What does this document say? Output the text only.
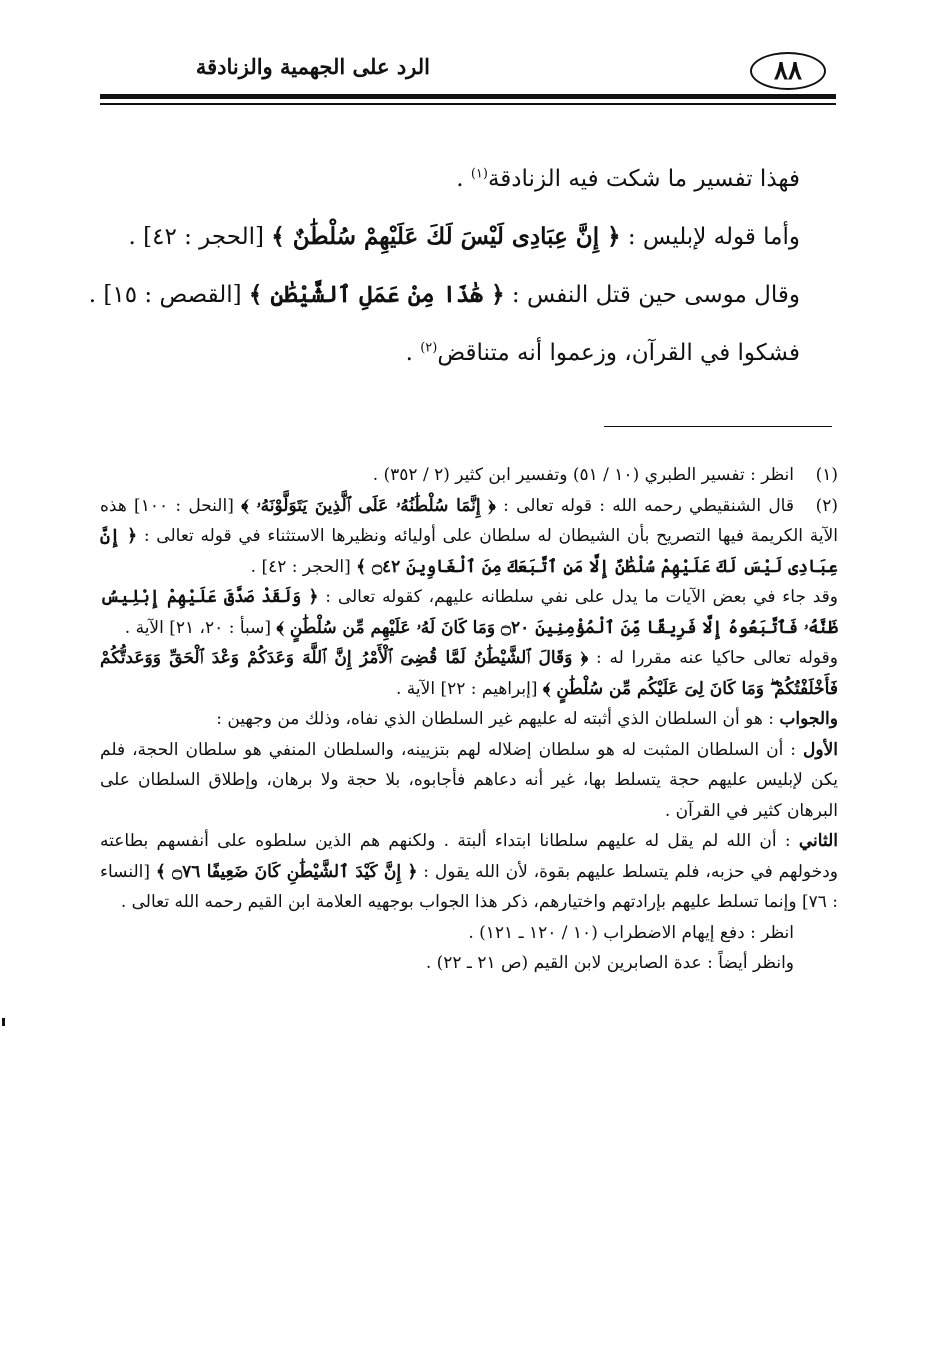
٨٨
الرد على الجهمية والزنادقة

فهذا تفسير ما شكت فيه الزنادقة$^{(١)}$ .

وأما قوله لإبليس : ﴿ إِنَّ عِبَادِى لَيْسَ لَكَ عَلَيْهِمْ سُلْطَٰنٌ ﴾ [الحجر : ٤٢] .

وقال موسى حين قتل النفس : ﴿ هَٰذَا مِنْ عَمَلِ ٱلشَّيْطَٰنِ ﴾ [القصص : ١٥] .

فشكوا في القرآن، وزعموا أنه متناقض$^{(٢)}$ .

(١)انظر : تفسير الطبري (١٠ / ٥١) وتفسير ابن كثير (٢ / ٣٥٢) .

(٢)قال الشنقيطي رحمه الله : قوله تعالى : ﴿ إِنَّمَا سُلْطَٰنُهُۥ عَلَى ٱلَّذِينَ يَتَوَلَّوْنَهُۥ ﴾ [النحل : ١٠٠] هذه الآية الكريمة فيها التصريح بأن الشيطان له سلطان على أوليائه ونظيرها الاستثناء في قوله تعالى : ﴿ إِنَّ عِبَادِى لَيْسَ لَكَ عَلَيْهِمْ سُلْطَٰنٌ إِلَّا مَنِ ٱتَّبَعَكَ مِنَ ٱلْغَاوِينَ ۝٤٢ ﴾ [الحجر : ٤٢] .

وقد جاء في بعض الآيات ما يدل على نفي سلطانه عليهم، كقوله تعالى : ﴿ وَلَقَدْ صَدَّقَ عَلَيْهِمْ إِبْلِيسُ ظَنَّهُۥ فَٱتَّبَعُوهُ إِلَّا فَرِيقًا مِّنَ ٱلْمُؤْمِنِينَ ۝٢٠ وَمَا كَانَ لَهُۥ عَلَيْهِم مِّن سُلْطَٰنٍ ﴾ [سبأ : ٢٠، ٢١] الآية .

وقوله تعالى حاكيا عنه مقررا له : ﴿ وَقَالَ ٱلشَّيْطَٰنُ لَمَّا قُضِىَ ٱلْأَمْرُ إِنَّ ٱللَّهَ وَعَدَكُمْ وَعْدَ ٱلْحَقِّ وَوَعَدتُّكُمْ فَأَخْلَفْتُكُمْ ۖ وَمَا كَانَ لِىَ عَلَيْكُم مِّن سُلْطَٰنٍ ﴾ [إبراهيم : ٢٢] الآية .

والجواب : هو أن السلطان الذي أثبته له عليهم غير السلطان الذي نفاه، وذلك من وجهين :

الأول : أن السلطان المثبت له هو سلطان إضلاله لهم بتزيينه، والسلطان المنفي هو سلطان الحجة، فلم يكن لإبليس عليهم حجة يتسلط بها، غير أنه دعاهم فأجابوه، بلا حجة ولا برهان، وإطلاق السلطان على البرهان كثير في القرآن .

الثاني : أن الله لم يقل له عليهم سلطانا ابتداء ألبتة . ولكنهم هم الذين سلطوه على أنفسهم بطاعته ودخولهم في حزبه، فلم يتسلط عليهم بقوة، لأن الله يقول : ﴿ إِنَّ كَيْدَ ٱلشَّيْطَٰنِ كَانَ ضَعِيفًا ۝٧٦ ﴾ [النساء : ٧٦] وإنما تسلط عليهم بإرادتهم واختيارهم، ذكر هذا الجواب بوجهيه العلامة ابن القيم رحمه الله تعالى .

انظر : دفع إيهام الاضطراب (١٠ / ١٢٠ ـ ١٢١) .

وانظر أيضاً : عدة الصابرين لابن القيم (ص ٢١ ـ ٢٢) .
